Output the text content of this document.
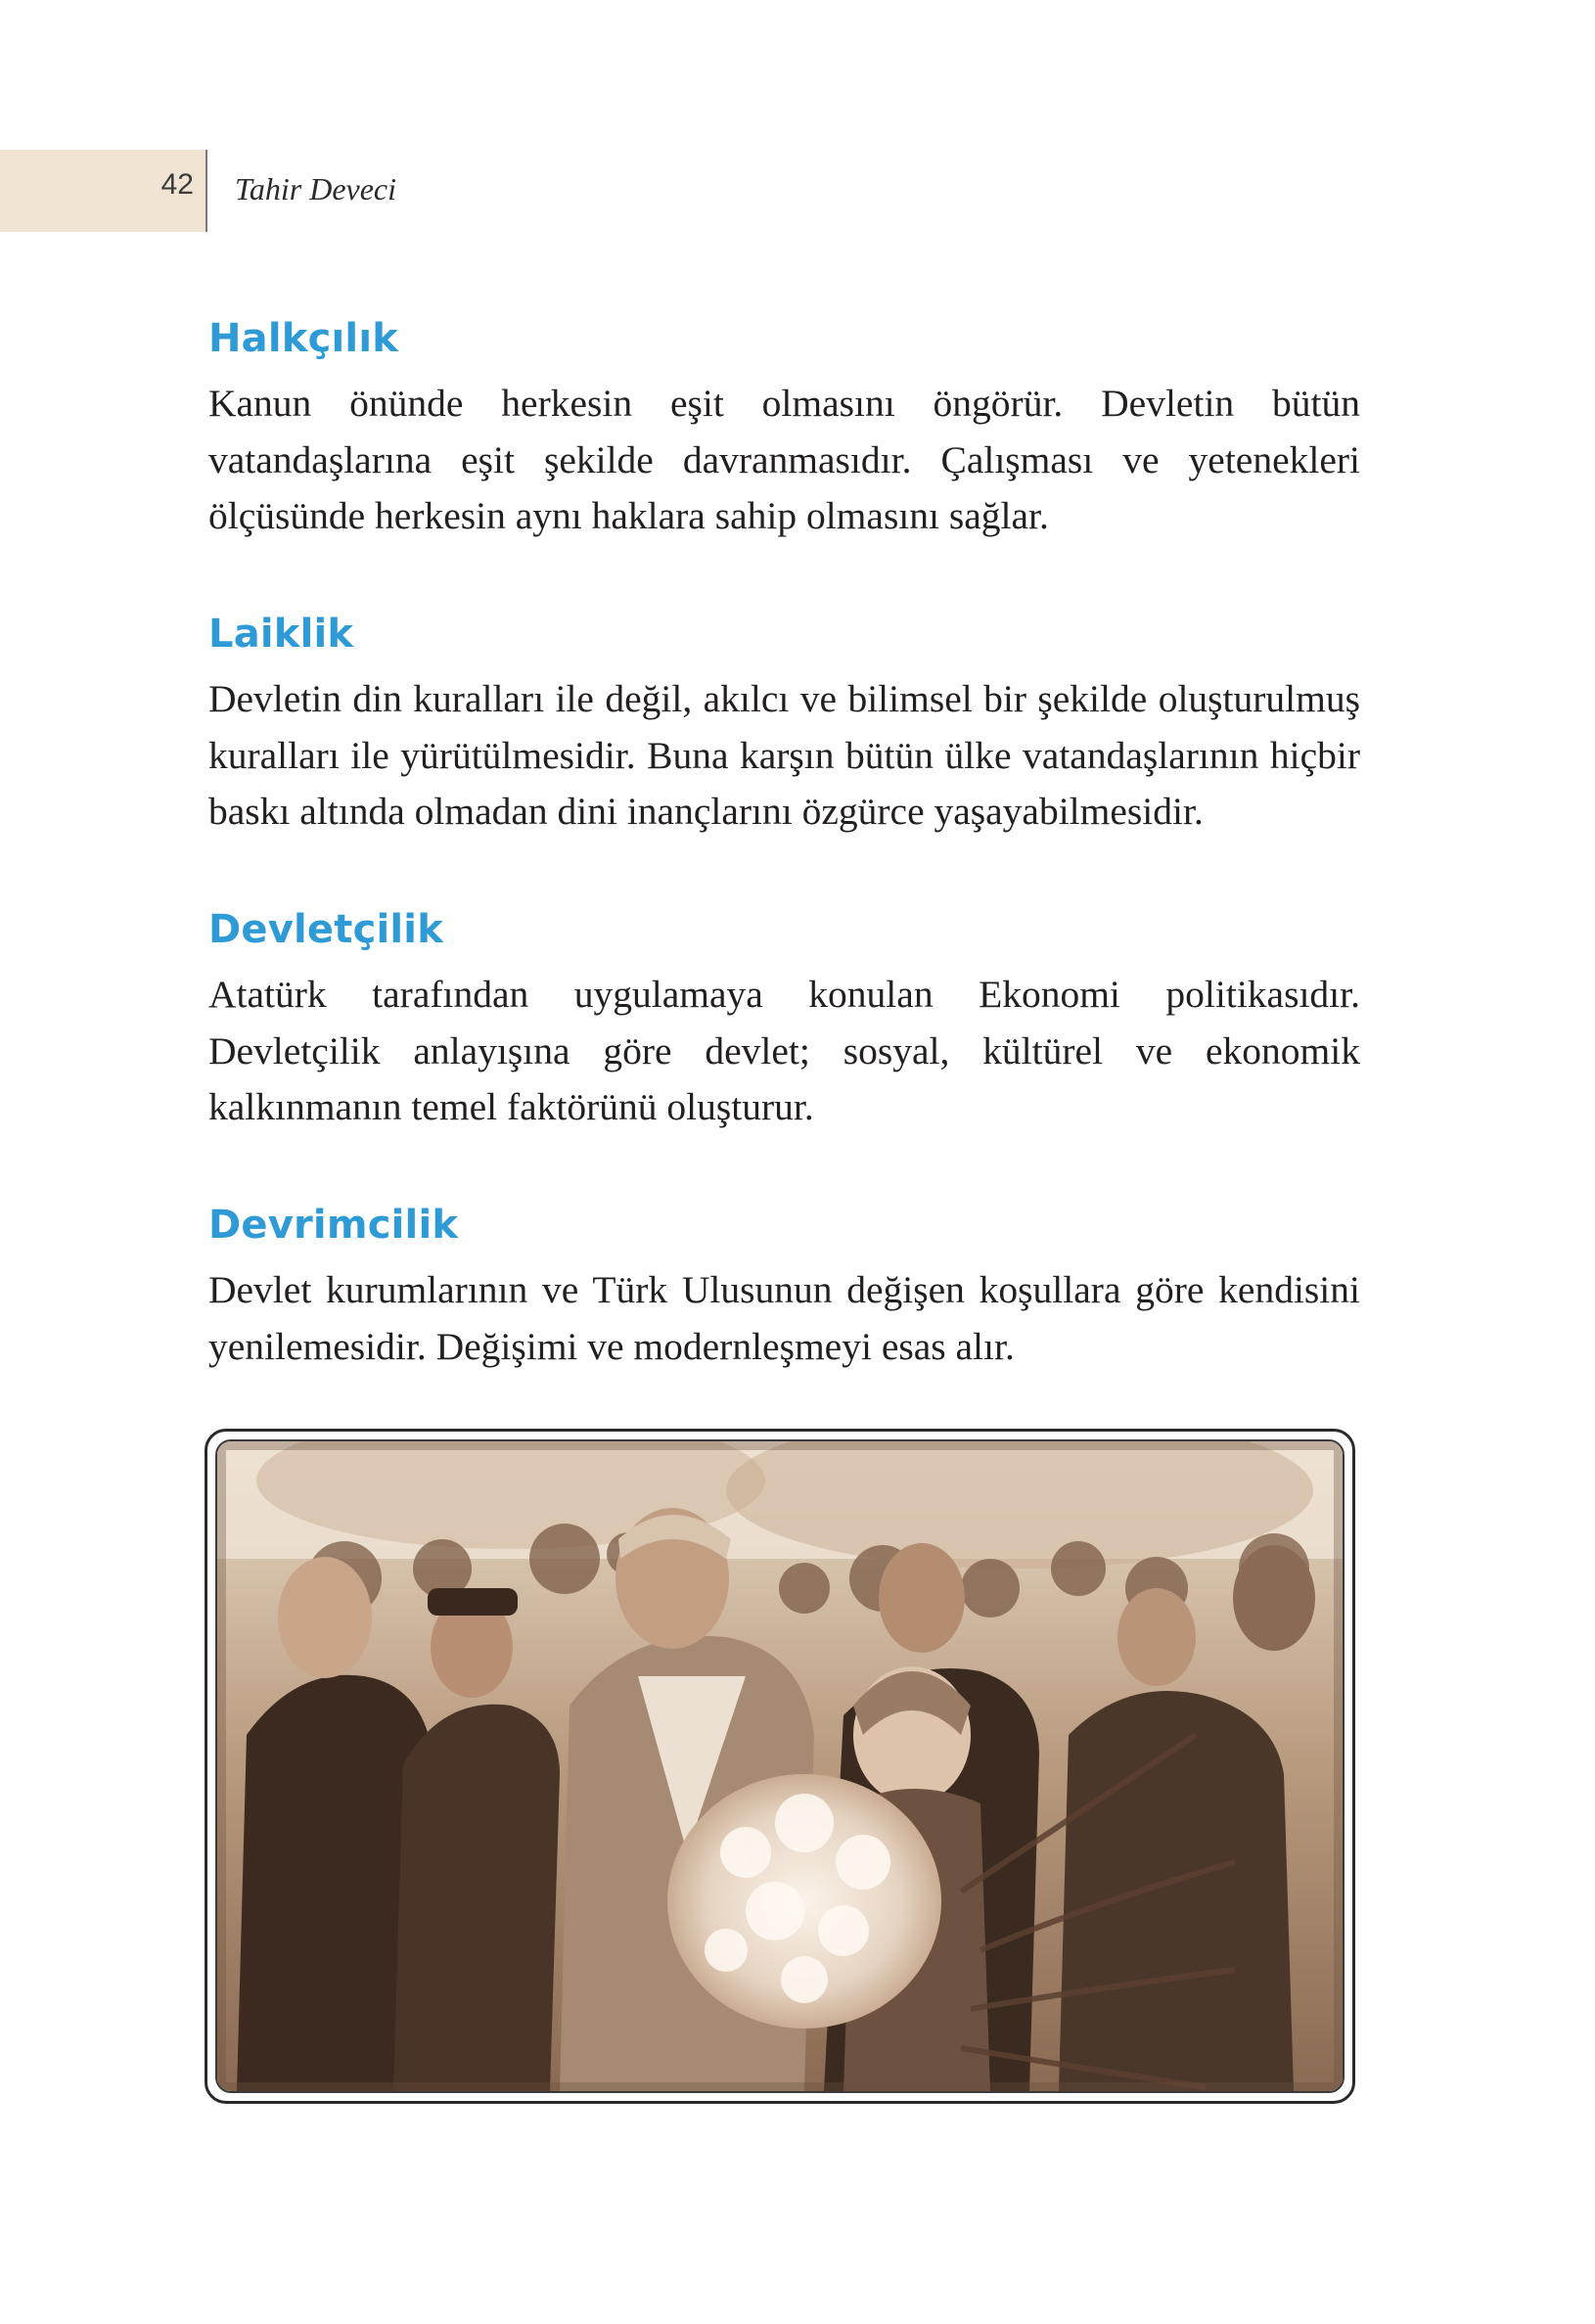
42 Tahir Deveci
Halkçılık

Kanun önünde herkesin eşit olmasını öngörür. Devletin bütün vatandaşlarına eşit şekilde davranmasıdır. Çalışması ve yetenekleri ölçüsünde herkesin aynı haklara sahip olmasını sağlar.

Laiklik

Devletin din kuralları ile değil, akılcı ve bilimsel bir şekilde oluşturulmuş kuralları ile yürütülmesidir. Buna karşın bütün ülke vatandaşlarının hiçbir baskı altında olmadan dini inançlarını özgürce yaşayabilmesidir.

Devletçilik

Atatürk tarafından uygulamaya konulan Ekonomi politikasıdır. Devletçilik anlayışına göre devlet; sosyal, kültürel ve ekonomik kalkınmanın temel faktörünü oluşturur.

Devrimcilik

Devlet kurumlarının ve Türk Ulusunun değişen koşullara göre kendisini yenilemesidir. Değişimi ve modernleşmeyi esas alır.
